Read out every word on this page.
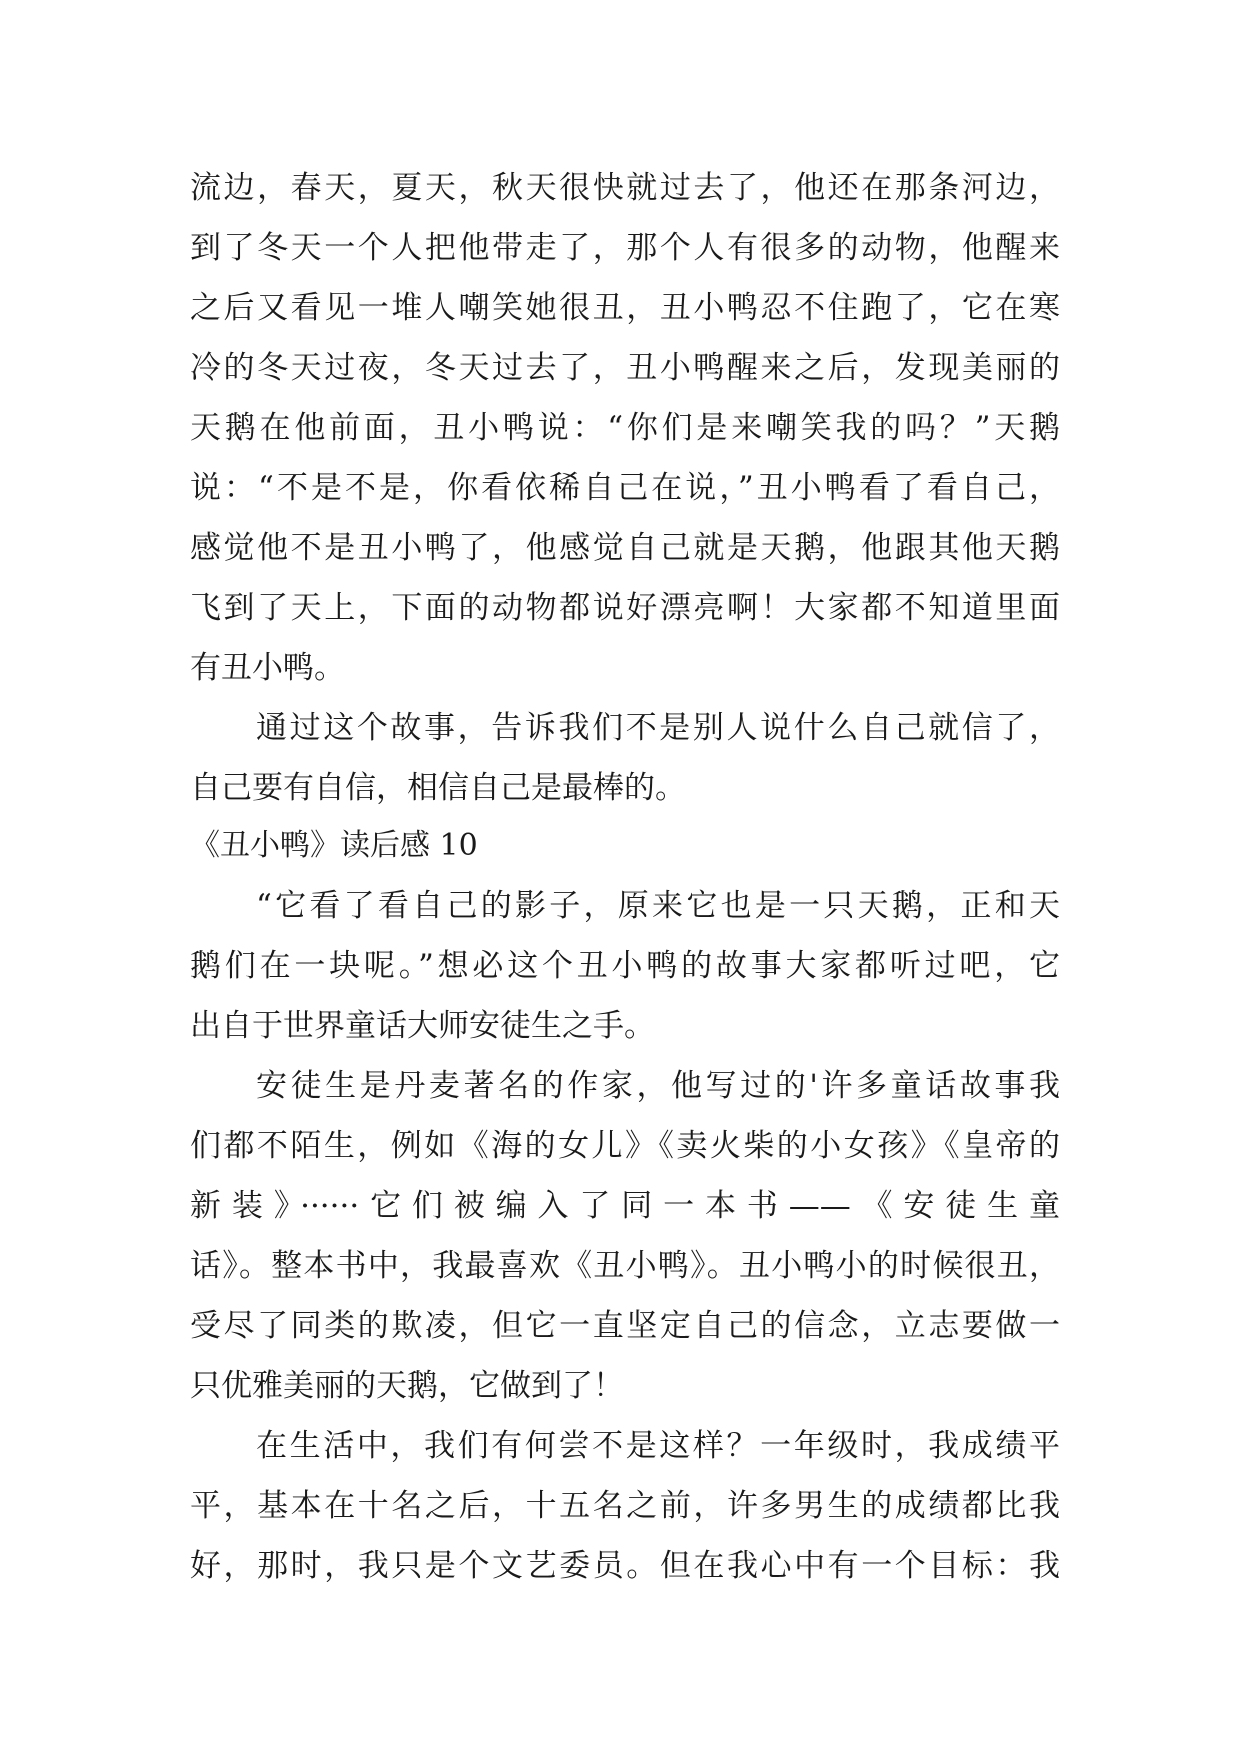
流边，春天，夏天，秋天很快就过去了，他还在那条河边，
到了冬天一个人把他带走了，那个人有很多的动物，他醒来
之后又看见一堆人嘲笑她很丑，丑小鸭忍不住跑了，它在寒
冷的冬天过夜，冬天过去了，丑小鸭醒来之后，发现美丽的
天鹅在他前面，丑小鸭说：“你们是来嘲笑我的吗？”天鹅
说：“不是不是，你看依稀自己在说，”丑小鸭看了看自己，
感觉他不是丑小鸭了，他感觉自己就是天鹅，他跟其他天鹅
飞到了天上，下面的动物都说好漂亮啊！大家都不知道里面
有丑小鸭。
通过这个故事，告诉我们不是别人说什么自己就信了，
自己要有自信，相信自己是最棒的。
《丑小鸭》读后感 10
“它看了看自己的影子，原来它也是一只天鹅，正和天
鹅们在一块呢。”想必这个丑小鸭的故事大家都听过吧，它
出自于世界童话大师安徒生之手。
安徒生是丹麦著名的作家，他写过的'许多童话故事我
们都不陌生，例如《海的女儿》《卖火柴的小女孩》《皇帝的
新装》······它们被编入了同一本书——《安徒生童
话》。整本书中，我最喜欢《丑小鸭》。丑小鸭小的时候很丑，
受尽了同类的欺凌，但它一直坚定自己的信念，立志要做一
只优雅美丽的天鹅，它做到了！
在生活中，我们有何尝不是这样？一年级时，我成绩平
平，基本在十名之后，十五名之前，许多男生的成绩都比我
好，那时，我只是个文艺委员。但在我心中有一个目标：我
